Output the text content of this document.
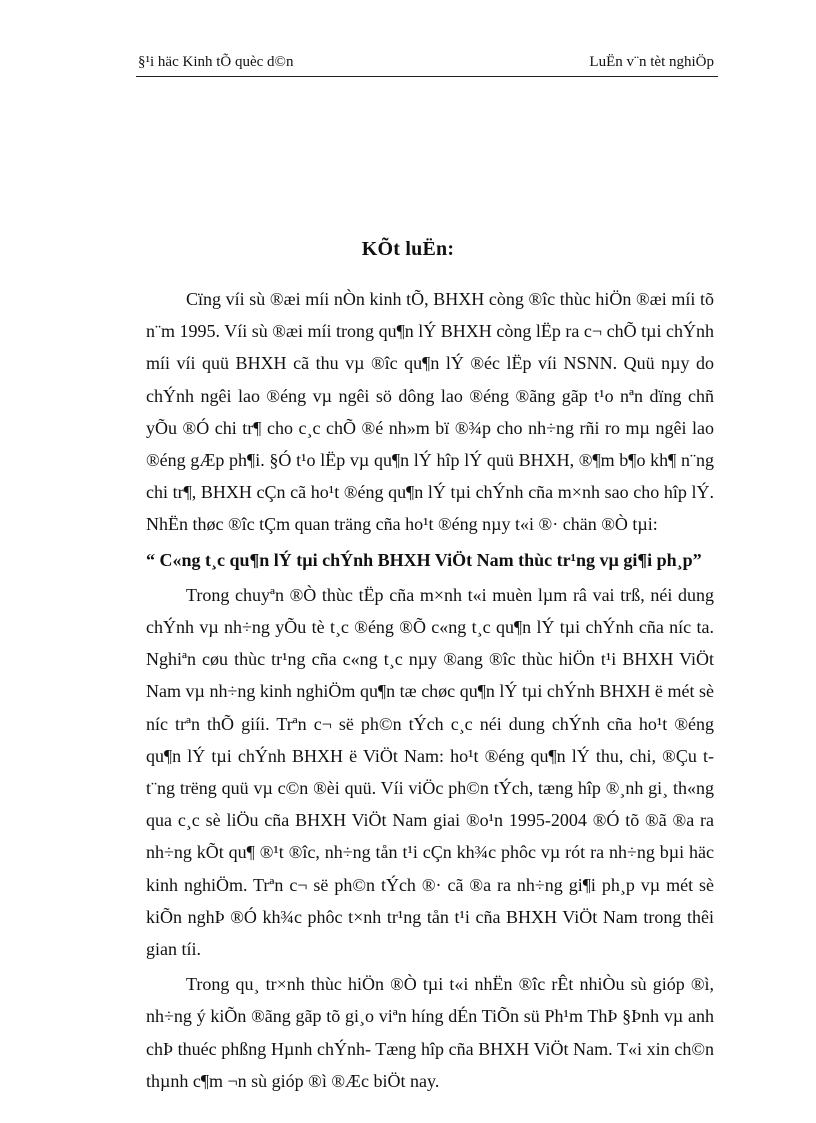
§¹i häc Kinh tÕ quèc d©n	LuËn v¨n tèt nghiÖp
KÕt luËn:

Cïng víi sù ®æi míi nÒn kinh tÕ, BHXH còng ®îc thùc hiÖn ®æi míi tõ n¨m 1995. Víi sù ®æi míi trong qu¶n lÝ BHXH còng lËp ra c¬ chÕ tµi chÝnh míi víi quü BHXH cã thu vµ ®îc qu¶n lÝ ®éc lËp víi NSNN. Quü nµy do chÝnh ngêi lao ®éng vµ ngêi sö dông lao ®éng ®ãng gãp t¹o nªn dïng chñ yÕu ®Ó chi tr¶ cho c¸c chÕ ®é nh»m bï ®¾p cho nh÷ng rñi ro mµ ngêi lao ®éng gÆp ph¶i. §Ó t¹o lËp vµ qu¶n lÝ hîp lÝ quü BHXH, ®¶m b¶o kh¶ n¨ng chi tr¶, BHXH cÇn cã ho¹t ®éng qu¶n lÝ tµi chÝnh cña m×nh sao cho hîp lÝ. NhËn thøc ®îc tÇm quan träng cña ho¹t ®éng nµy t«i ®· chän ®Ò tµi:

“ C«ng t¸c qu¶n lÝ tµi chÝnh BHXH ViÖt Nam thùc tr¹ng vµ gi¶i ph¸p”

Trong chuyªn ®Ò thùc tËp cña m×nh t«i muèn lµm râ vai trß, néi dung chÝnh vµ nh÷ng yÕu tè t¸c ®éng ®Õ c«ng t¸c qu¶n lÝ tµi chÝnh cña níc ta. Nghiªn cøu thùc tr¹ng cña c«ng t¸c nµy ®ang ®îc thùc hiÖn t¹i BHXH ViÖt Nam vµ nh÷ng kinh nghiÖm qu¶n tæ chøc qu¶n lÝ tµi chÝnh BHXH ë mét sè níc trªn thÕ giíi. Trªn c¬ së ph©n tÝch c¸c néi dung chÝnh cña ho¹t ®éng qu¶n lÝ tµi chÝnh BHXH ë ViÖt Nam: ho¹t ®éng qu¶n lÝ thu, chi, ®Çu t t¨ng trëng quü vµ c©n ®èi quü. Víi viÖc ph©n tÝch, tæng hîp ®¸nh gi¸ th«ng qua c¸c sè liÖu cña BHXH ViÖt Nam giai ®o¹n 1995-2004 ®Ó tõ ®ã ®a ra nh÷ng kÕt qu¶ ®¹t ®îc, nh÷ng tån t¹i cÇn kh¾c phôc vµ rót ra nh÷ng bµi häc kinh nghiÖm. Trªn c¬ së ph©n tÝch ®· cã ®a ra nh÷ng gi¶i ph¸p vµ mét sè kiÕn nghÞ ®Ó kh¾c phôc t×nh tr¹ng tån t¹i cña BHXH ViÖt Nam trong thêi gian tíi.

Trong qu¸ tr×nh thùc hiÖn ®Ò tµi t«i nhËn ®îc rÊt nhiÒu sù gióp ®ì, nh÷ng ý kiÕn ®ãng gãp tõ gi¸o viªn híng dÉn TiÕn sü Ph¹m ThÞ §Þnh vµ anh chÞ thuéc phßng Hµnh chÝnh- Tæng hîp cña BHXH ViÖt Nam. T«i xin ch©n thµnh c¶m ¬n sù gióp ®ì ®Æc biÖt nay.
